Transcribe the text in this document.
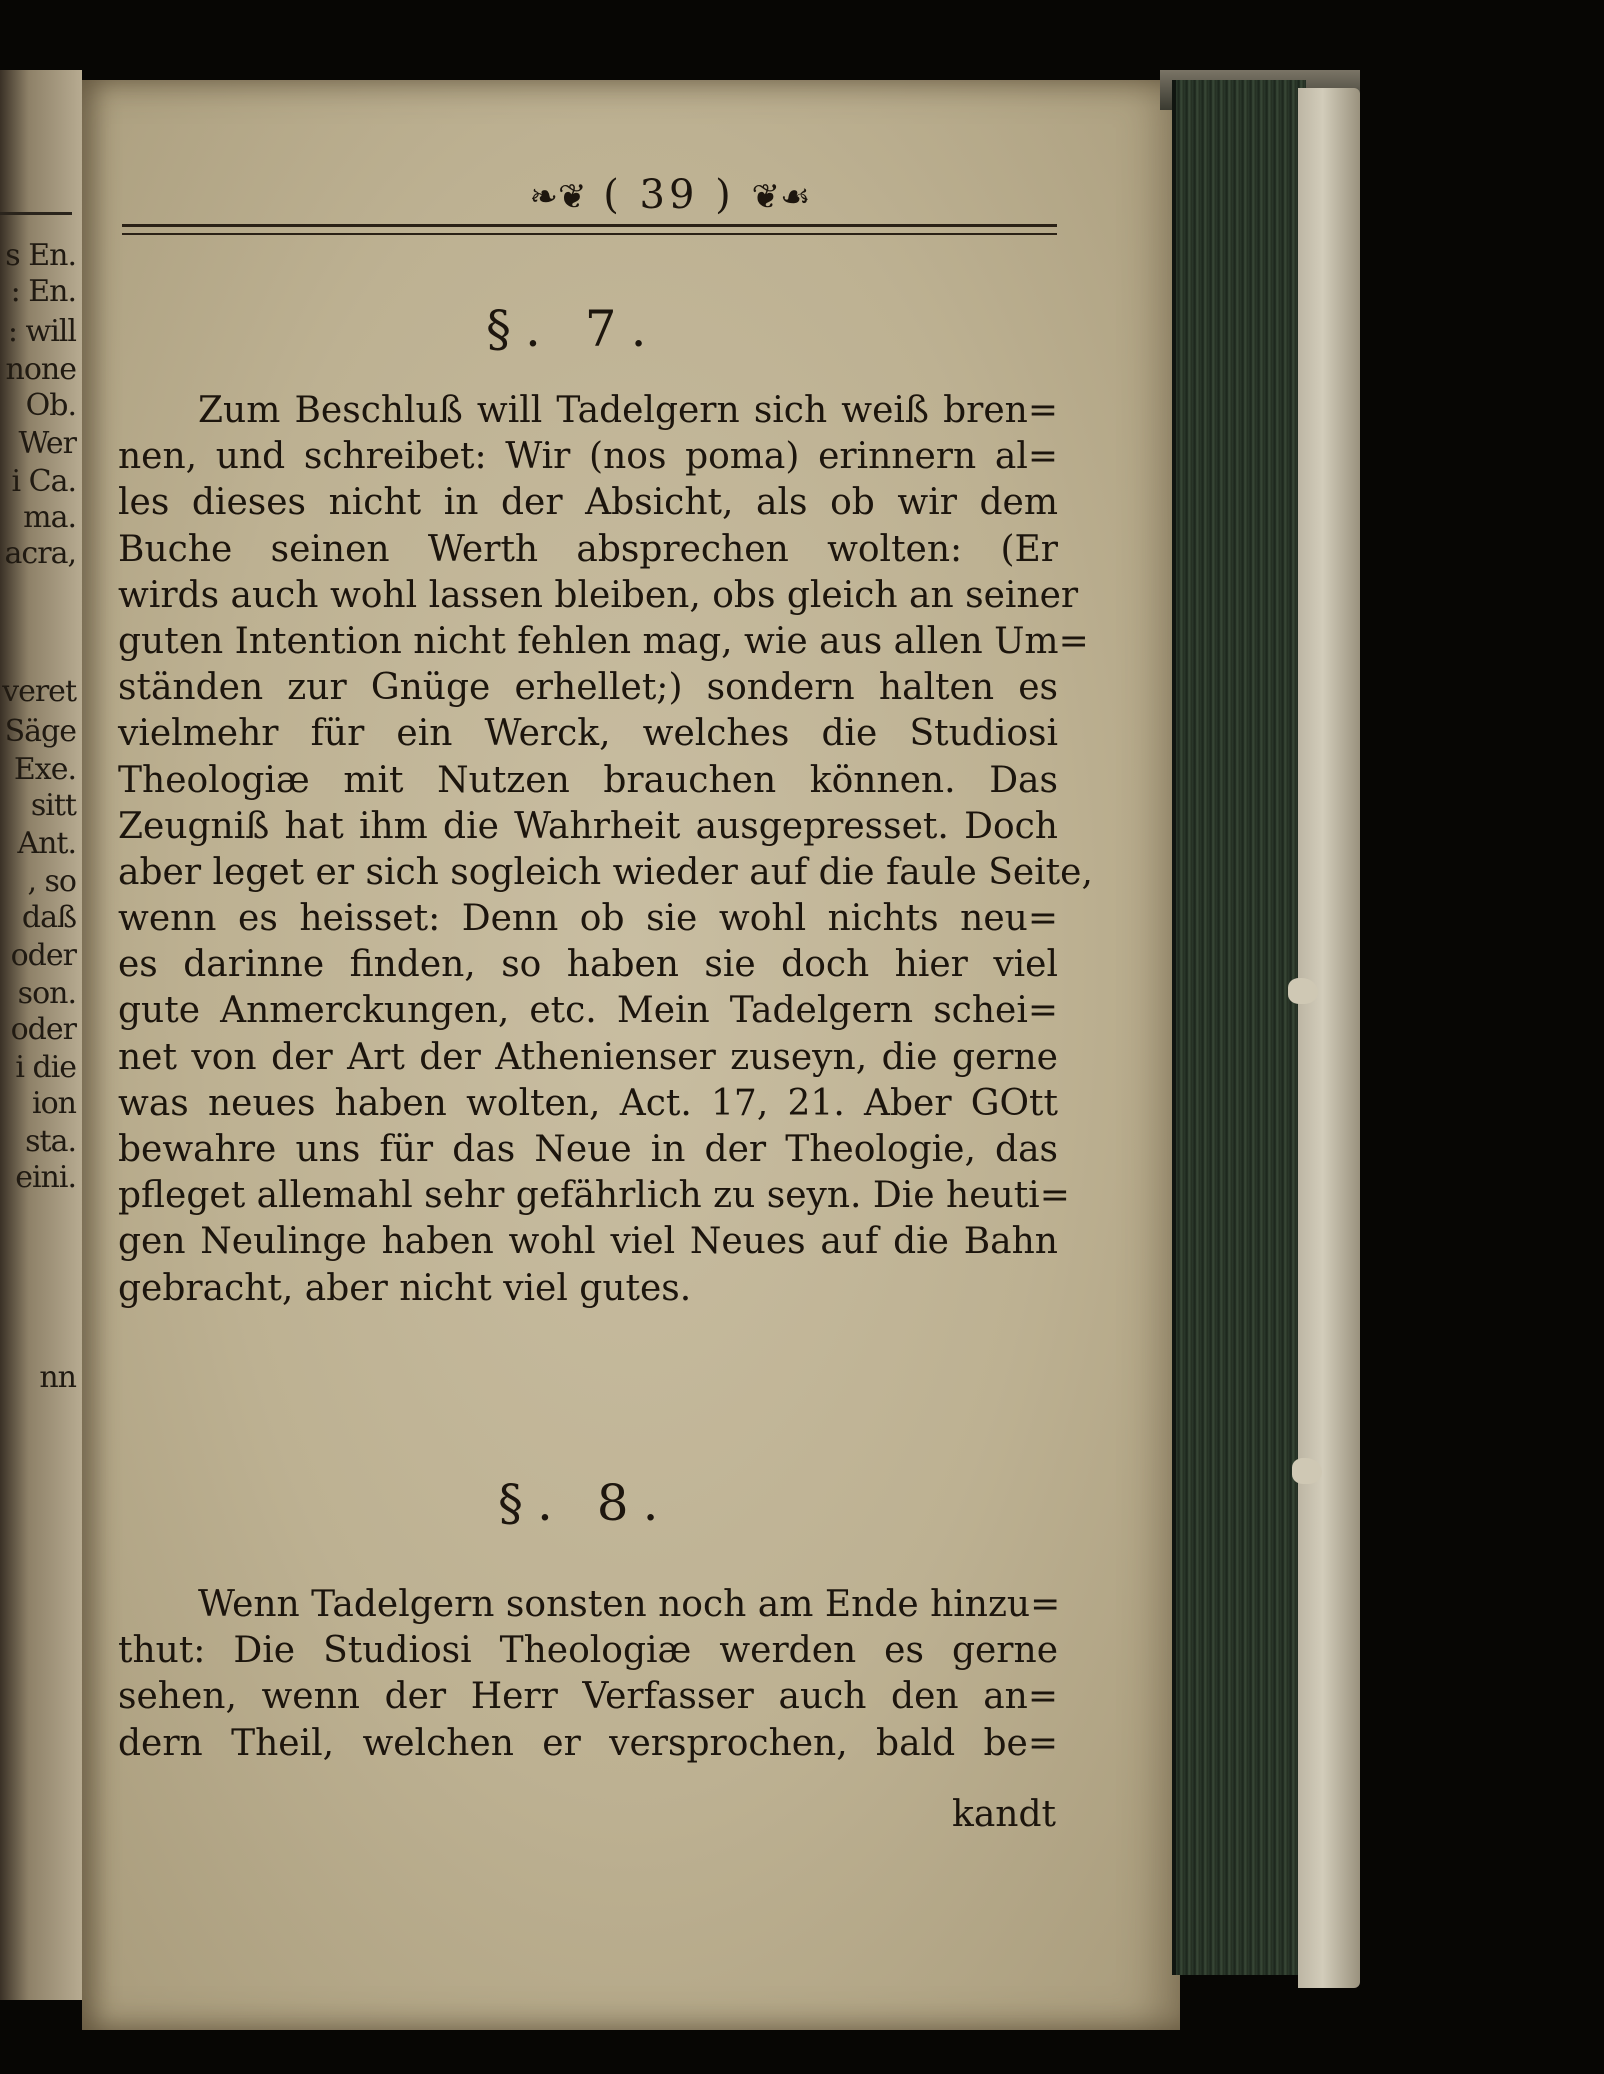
s En.
: En.
: will
none
Ob.
Wer
i Ca.
ma.
acra,
veret
Säge
Exe.
sitt
Ant.
, so
daß
oder
son.
oder
i die
ion
sta.
eini.
nn
❧❦ ( 39 ) ❦☙
§. 7.
Zum Beschluß will Tadelgern sich weiß bren=
nen, und schreibet: Wir (nos poma) erinnern al=
les dieses nicht in der Absicht, als ob wir dem
Buche seinen Werth absprechen wolten: (Er
wirds auch wohl lassen bleiben, obs gleich an seiner
guten Intention nicht fehlen mag, wie aus allen Um=
ständen zur Gnüge erhellet;) sondern halten es
vielmehr für ein Werck, welches die Studiosi
Theologiæ mit Nutzen brauchen können. Das
Zeugniß hat ihm die Wahrheit ausgepresset. Doch
aber leget er sich sogleich wieder auf die faule Seite,
wenn es heisset: Denn ob sie wohl nichts neu=
es darinne finden, so haben sie doch hier viel
gute Anmerckungen, etc. Mein Tadelgern schei=
net von der Art der Athenienser zuseyn, die gerne
was neues haben wolten, Act. 17, 21. Aber GOtt
bewahre uns für das Neue in der Theologie, das
pfleget allemahl sehr gefährlich zu seyn. Die heuti=
gen Neulinge haben wohl viel Neues auf die Bahn
gebracht, aber nicht viel gutes.
§. 8.
Wenn Tadelgern sonsten noch am Ende hinzu=
thut: Die Studiosi Theologiæ werden es gerne
sehen, wenn der Herr Verfasser auch den an=
dern Theil, welchen er versprochen, bald be=
kandt
